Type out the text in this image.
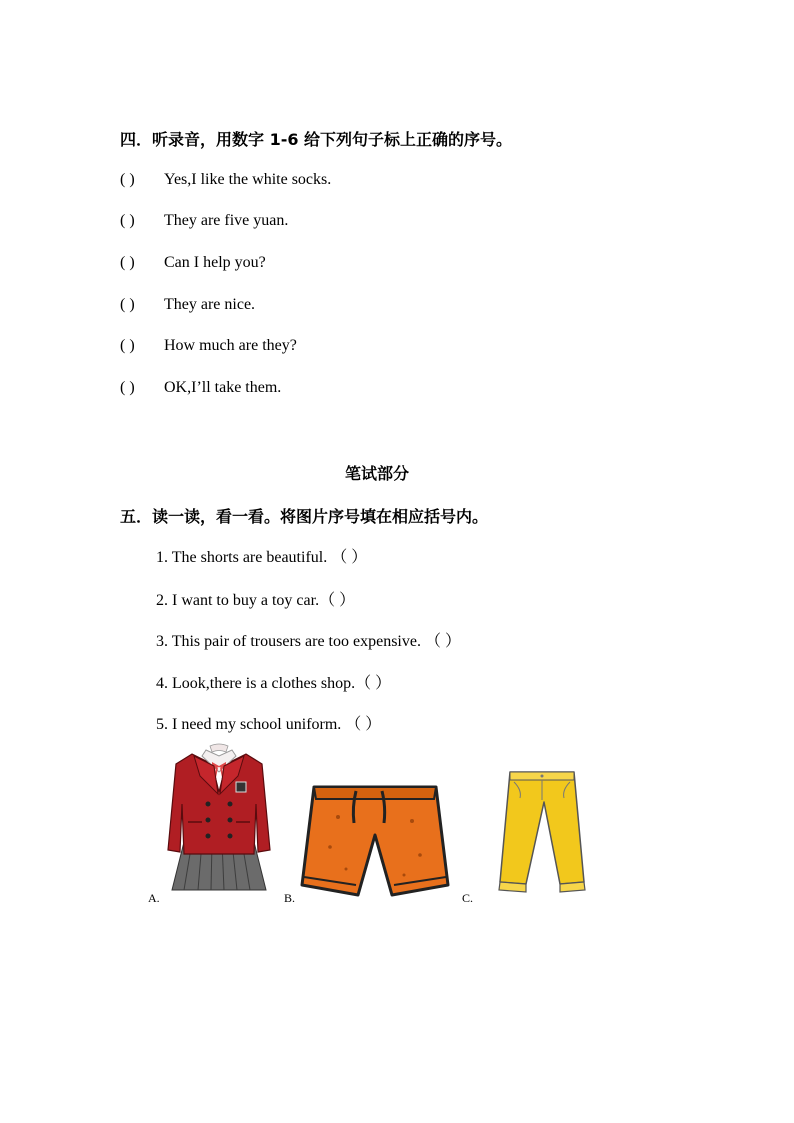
四．听录音，用数字 1-6 给下列句子标上正确的序号。
( ) Yes,I like the white socks.
( ) They are five yuan.
( ) Can I help you?
( ) They are nice.
( ) How much are they?
( ) OK,I’ll take them.
笔试部分
五．读一读，看一看。将图片序号填在相应括号内。
1. The shorts are beautiful. （ ）
2. I want to buy a toy car.（ ）
3. This pair of trousers are too expensive. （ ）
4. Look,there is a clothes shop.（ ）
5. I need my school uniform. （ ）
A.	B.	C.
